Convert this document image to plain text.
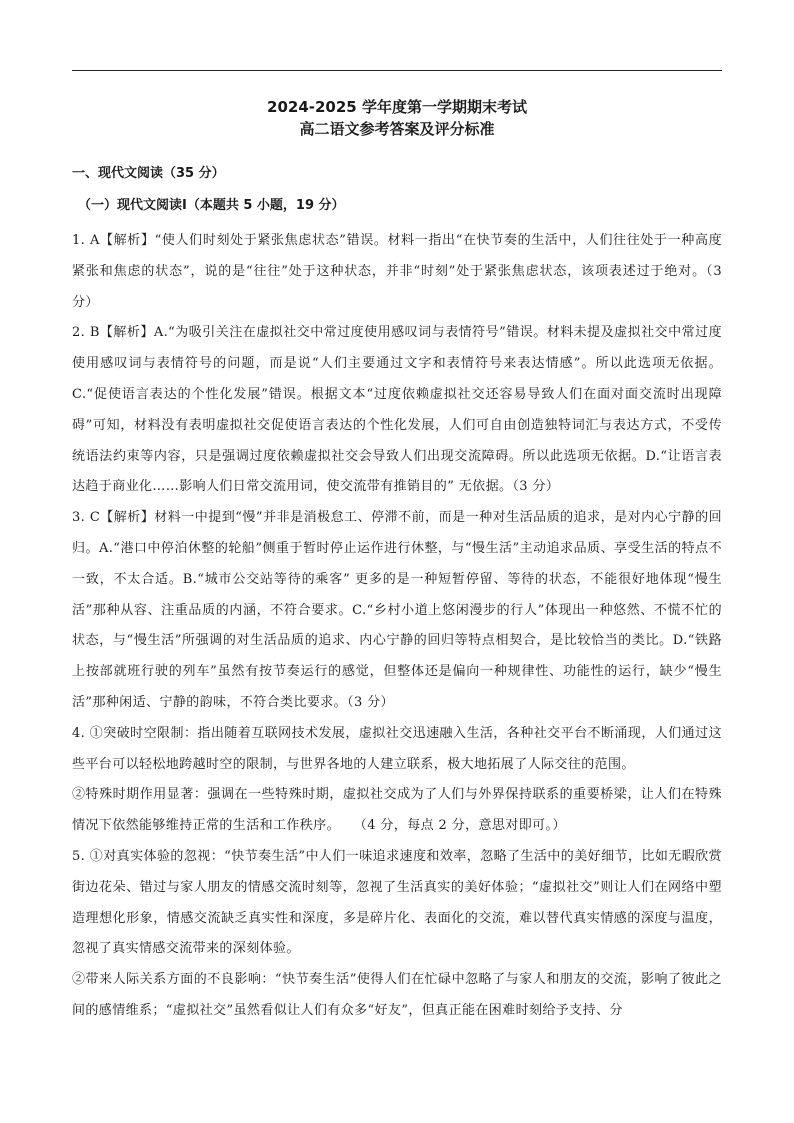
2024-2025 学年度第一学期期末考试
高二语文参考答案及评分标准
一、现代文阅读（35 分）
（一）现代文阅读Ⅰ（本题共 5 小题，19 分）

1. A【解析】“使人们时刻处于紧张焦虑状态”错误。材料一指出“在快节奏的生活中，人们往往处于一种高度紧张和焦虑的状态”，说的是“往往”处于这种状态，并非“时刻”处于紧张焦虑状态，该项表述过于绝对。（3 分）

2. B【解析】A.“为吸引关注在虚拟社交中常过度使用感叹词与表情符号”错误。材料未提及虚拟社交中常过度使用感叹词与表情符号的问题，而是说“人们主要通过文字和表情符号来表达情感”。所以此选项无依据。C.“促使语言表达的个性化发展”错误。根据文本“过度依赖虚拟社交还容易导致人们在面对面交流时出现障碍”可知，材料没有表明虚拟社交促使语言表达的个性化发展，人们可自由创造独特词汇与表达方式，不受传统语法约束等内容，只是强调过度依赖虚拟社交会导致人们出现交流障碍。所以此选项无依据。D.“让语言表达趋于商业化……影响人们日常交流用词，使交流带有推销目的” 无依据。（3 分）

3. C【解析】材料一中提到“慢”并非是消极怠工、停滞不前，而是一种对生活品质的追求，是对内心宁静的回归。A.“港口中停泊休整的轮船”侧重于暂时停止运作进行休整，与“慢生活”主动追求品质、享受生活的特点不一致，不太合适。B.“城市公交站等待的乘客” 更多的是一种短暂停留、等待的状态，不能很好地体现“慢生活”那种从容、注重品质的内涵，不符合要求。C.“乡村小道上悠闲漫步的行人”体现出一种悠然、不慌不忙的状态，与“慢生活”所强调的对生活品质的追求、内心宁静的回归等特点相契合，是比较恰当的类比。D.“铁路上按部就班行驶的列车”虽然有按节奏运行的感觉，但整体还是偏向一种规律性、功能性的运行，缺少“慢生活”那种闲适、宁静的韵味，不符合类比要求。（3 分）

4. ①突破时空限制：指出随着互联网技术发展，虚拟社交迅速融入生活，各种社交平台不断涌现，人们通过这些平台可以轻松地跨越时空的限制，与世界各地的人建立联系，极大地拓展了人际交往的范围。

②特殊时期作用显著：强调在一些特殊时期，虚拟社交成为了人们与外界保持联系的重要桥梁，让人们在特殊情况下依然能够维持正常的生活和工作秩序。　　（4 分，每点 2 分，意思对即可。）

5. ①对真实体验的忽视：“快节奏生活”中人们一味追求速度和效率，忽略了生活中的美好细节，比如无暇欣赏街边花朵、错过与家人朋友的情感交流时刻等，忽视了生活真实的美好体验；“虚拟社交”则让人们在网络中塑造理想化形象，情感交流缺乏真实性和深度，多是碎片化、表面化的交流，难以替代真实情感的深度与温度，忽视了真实情感交流带来的深刻体验。

②带来人际关系方面的不良影响：“快节奏生活”使得人们在忙碌中忽略了与家人和朋友的交流，影响了彼此之间的感情维系；“虚拟社交”虽然看似让人们有众多“好友”，但真正能在困难时刻给予支持、分
